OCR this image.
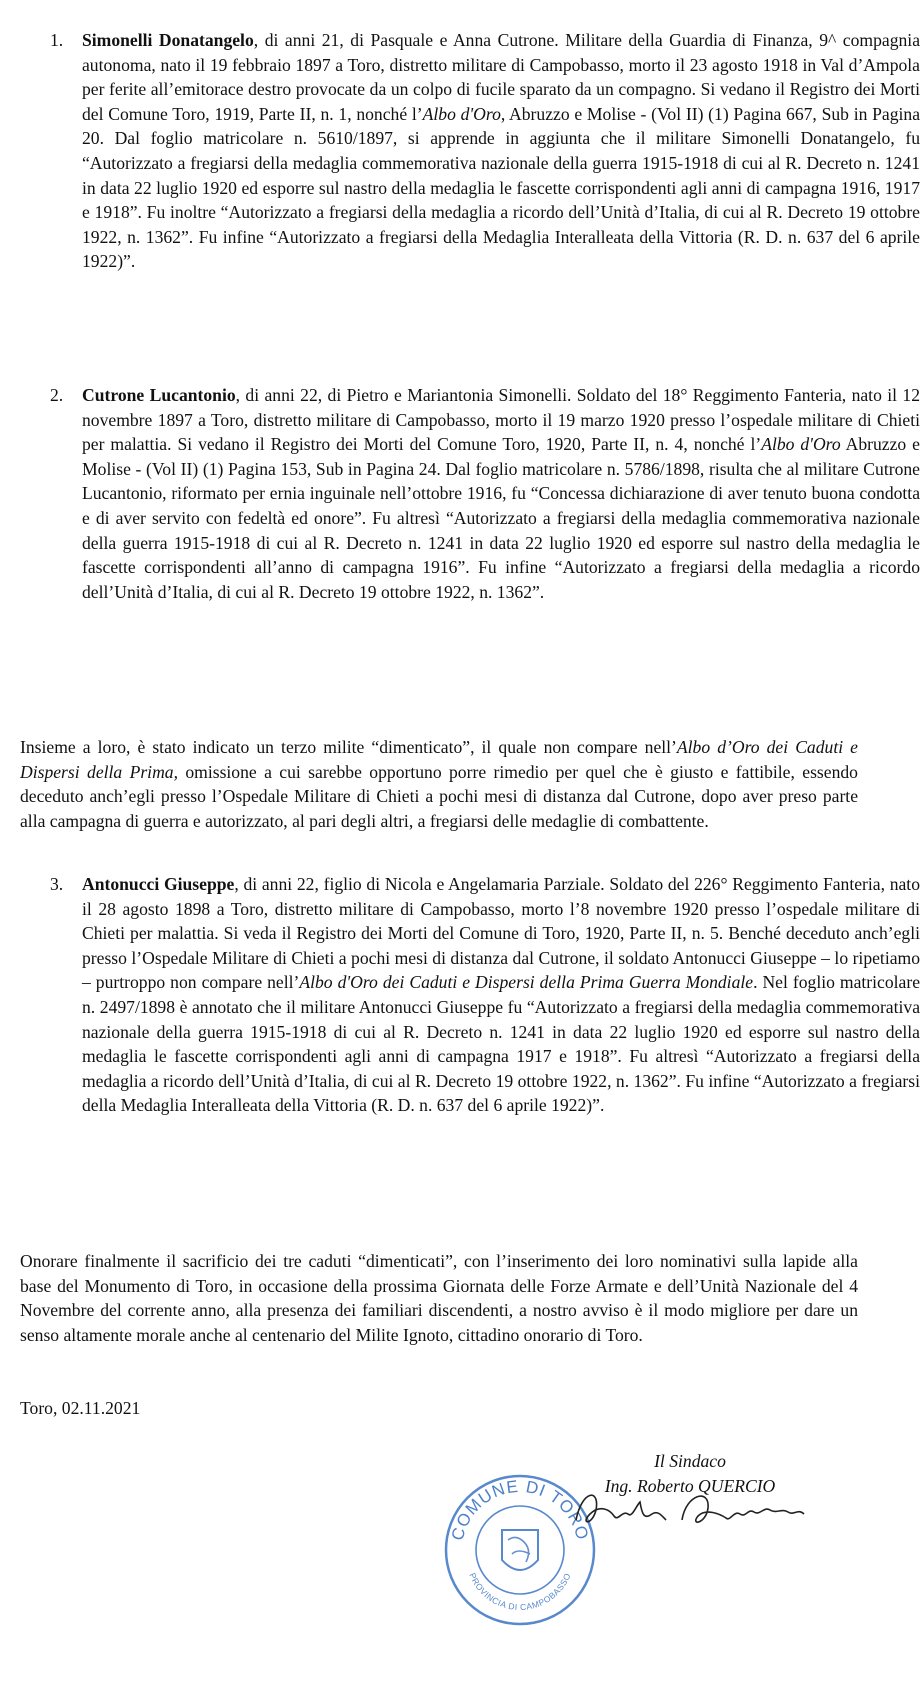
1. Simonelli Donatangelo, di anni 21, di Pasquale e Anna Cutrone. Militare della Guardia di Finanza, 9^ compagnia autonoma, nato il 19 febbraio 1897 a Toro, distretto militare di Campobasso, morto il 23 agosto 1918 in Val d’Ampola per ferite all’emitorace destro provocate da un colpo di fucile sparato da un compagno. Si vedano il Registro dei Morti del Comune Toro, 1919, Parte II, n. 1, nonché l’Albo d'Oro, Abruzzo e Molise - (Vol II) (1) Pagina 667, Sub in Pagina 20. Dal foglio matricolare n. 5610/1897, si apprende in aggiunta che il militare Simonelli Donatangelo, fu “Autorizzato a fregiarsi della medaglia commemorativa nazionale della guerra 1915-1918 di cui al R. Decreto n. 1241 in data 22 luglio 1920 ed esporre sul nastro della medaglia le fascette corrispondenti agli anni di campagna 1916, 1917 e 1918”. Fu inoltre “Autorizzato a fregiarsi della medaglia a ricordo dell’Unità d’Italia, di cui al R. Decreto 19 ottobre 1922, n. 1362”. Fu infine “Autorizzato a fregiarsi della Medaglia Interalleata della Vittoria (R. D. n. 637 del 6 aprile 1922)”.
2. Cutrone Lucantonio, di anni 22, di Pietro e Mariantonia Simonelli. Soldato del 18° Reggimento Fanteria, nato il 12 novembre 1897 a Toro, distretto militare di Campobasso, morto il 19 marzo 1920 presso l’ospedale militare di Chieti per malattia. Si vedano il Registro dei Morti del Comune Toro, 1920, Parte II, n. 4, nonché l’Albo d'Oro Abruzzo e Molise - (Vol II) (1) Pagina 153, Sub in Pagina 24. Dal foglio matricolare n. 5786/1898, risulta che al militare Cutrone Lucantonio, riformato per ernia inguinale nell’ottobre 1916, fu “Concessa dichiarazione di aver tenuto buona condotta e di aver servito con fedeltà ed onore”. Fu altresì “Autorizzato a fregiarsi della medaglia commemorativa nazionale della guerra 1915-1918 di cui al R. Decreto n. 1241 in data 22 luglio 1920 ed esporre sul nastro della medaglia le fascette corrispondenti all’anno di campagna 1916”. Fu infine “Autorizzato a fregiarsi della medaglia a ricordo dell’Unità d’Italia, di cui al R. Decreto 19 ottobre 1922, n. 1362”.
Insieme a loro, è stato indicato un terzo milite “dimenticato”, il quale non compare nell’Albo d’Oro dei Caduti e Dispersi della Prima, omissione a cui sarebbe opportuno porre rimedio per quel che è giusto e fattibile, essendo deceduto anch’egli presso l’Ospedale Militare di Chieti a pochi mesi di distanza dal Cutrone, dopo aver preso parte alla campagna di guerra e autorizzato, al pari degli altri, a fregiarsi delle medaglie di combattente.
3. Antonucci Giuseppe, di anni 22, figlio di Nicola e Angelamaria Parziale. Soldato del 226° Reggimento Fanteria, nato il 28 agosto 1898 a Toro, distretto militare di Campobasso, morto l’8 novembre 1920 presso l’ospedale militare di Chieti per malattia. Si veda il Registro dei Morti del Comune di Toro, 1920, Parte II, n. 5. Benché deceduto anch’egli presso l’Ospedale Militare di Chieti a pochi mesi di distanza dal Cutrone, il soldato Antonucci Giuseppe – lo ripetiamo – purtroppo non compare nell’Albo d'Oro dei Caduti e Dispersi della Prima Guerra Mondiale. Nel foglio matricolare n. 2497/1898 è annotato che il militare Antonucci Giuseppe fu “Autorizzato a fregiarsi della medaglia commemorativa nazionale della guerra 1915-1918 di cui al R. Decreto n. 1241 in data 22 luglio 1920 ed esporre sul nastro della medaglia le fascette corrispondenti agli anni di campagna 1917 e 1918”. Fu altresì “Autorizzato a fregiarsi della medaglia a ricordo dell’Unità d’Italia, di cui al R. Decreto 19 ottobre 1922, n. 1362”. Fu infine “Autorizzato a fregiarsi della Medaglia Interalleata della Vittoria (R. D. n. 637 del 6 aprile 1922)”.
Onorare finalmente il sacrificio dei tre caduti “dimenticati”, con l’inserimento dei loro nominativi sulla lapide alla base del Monumento di Toro, in occasione della prossima Giornata delle Forze Armate e dell’Unità Nazionale del 4 Novembre del corrente anno, alla presenza dei familiari discendenti, a nostro avviso è il modo migliore per dare un senso altamente morale anche al centenario del Milite Ignoto, cittadino onorario di Toro.
Toro, 02.11.2021
Il Sindaco
Ing. Roberto QUERCIO
COMUNE DI TORO
PROVINCIA DI CAMPOBASSO
